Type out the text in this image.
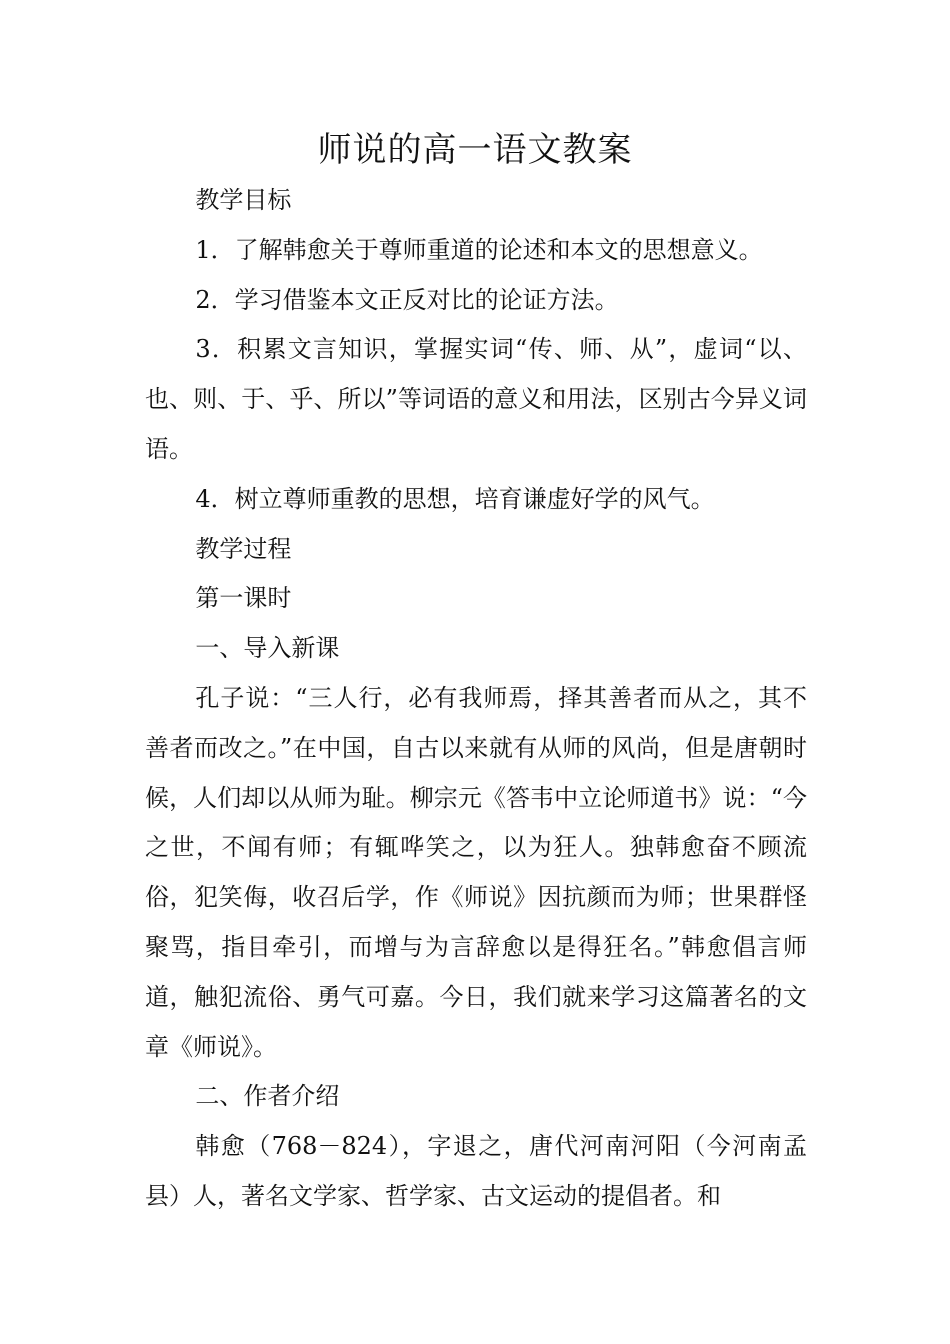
师说的高一语文教案

教学目标

1．了解韩愈关于尊师重道的论述和本文的思想意义。

2．学习借鉴本文正反对比的论证方法。

3．积累文言知识，掌握实词“传、师、从”，虚词“以、也、则、于、乎、所以”等词语的意义和用法，区别古今异义词语。

4．树立尊师重教的思想，培育谦虚好学的风气。

教学过程

第一课时

一、导入新课

孔子说：“三人行，必有我师焉，择其善者而从之，其不善者而改之。”在中国，自古以来就有从师的风尚，但是唐朝时候，人们却以从师为耻。柳宗元《答韦中立论师道书》说：“今之世，不闻有师；有辄哗笑之，以为狂人。独韩愈奋不顾流俗，犯笑侮，收召后学，作《师说》因抗颜而为师；世果群怪聚骂，指目牵引，而增与为言辞愈以是得狂名。”韩愈倡言师道，触犯流俗、勇气可嘉。今日，我们就来学习这篇著名的文章《师说》。

二、作者介绍

韩愈（768－824），字退之，唐代河南河阳（今河南孟县）人，著名文学家、哲学家、古文运动的提倡者。和
